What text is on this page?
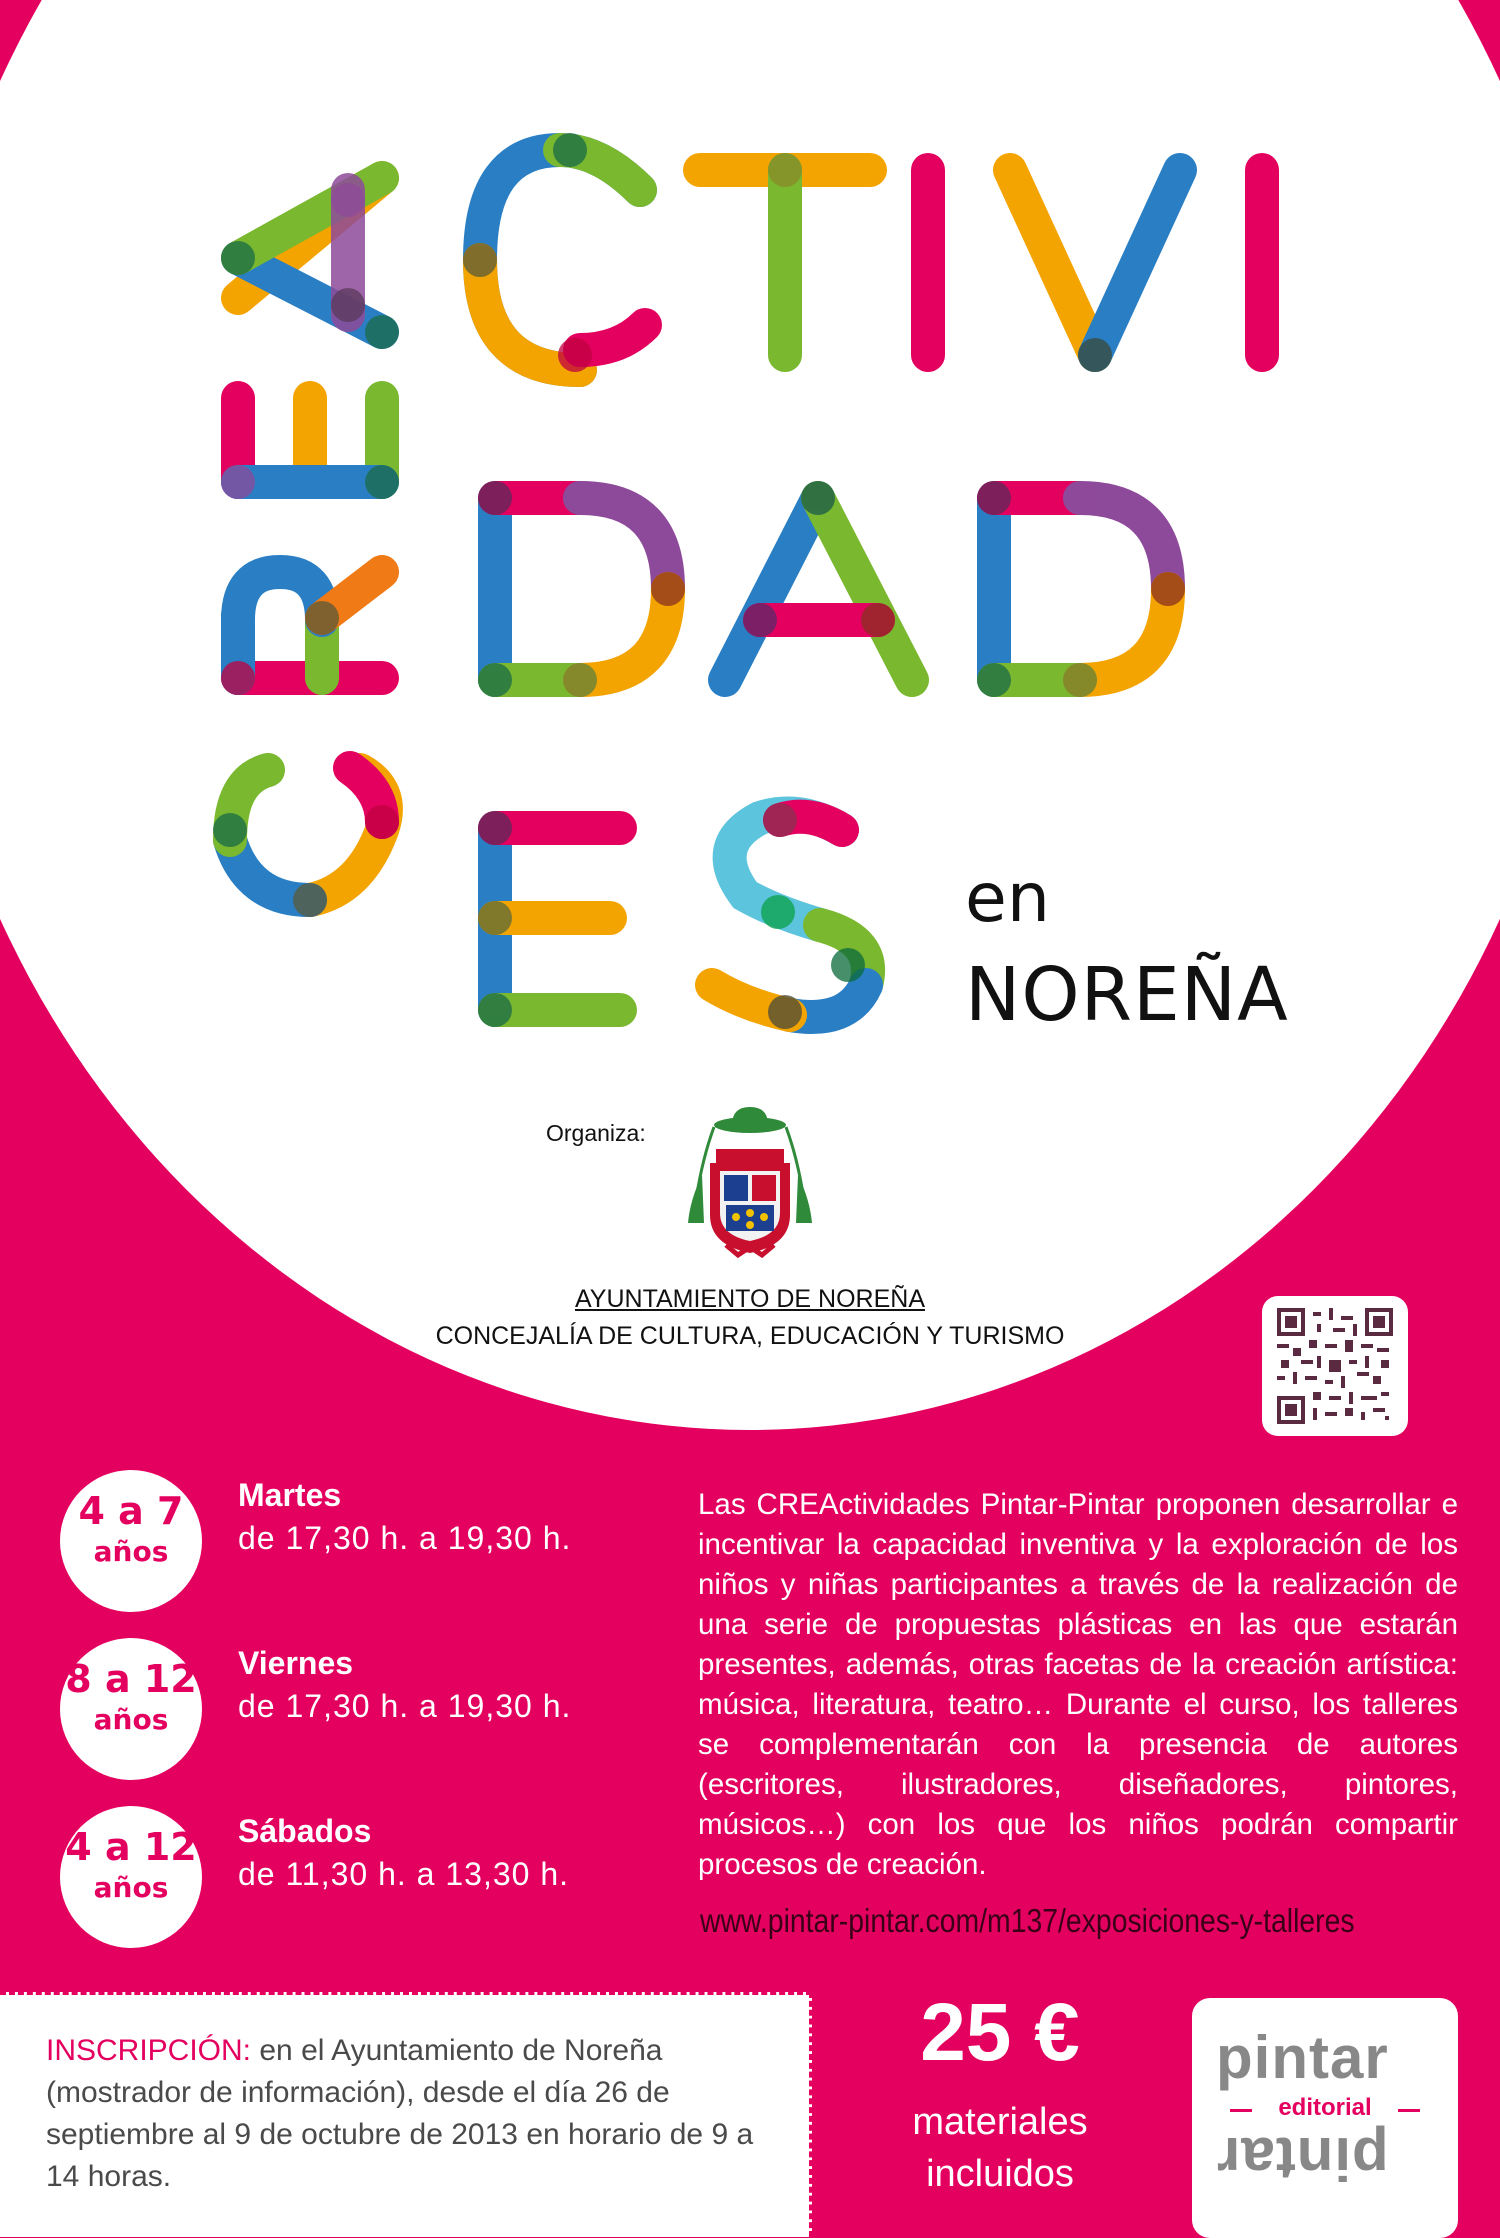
en
NOREÑA
Organiza:
AYUNTAMIENTO DE NOREÑA
CONCEJALÍA DE CULTURA, EDUCACIÓN Y TURISMO
4 a 7
años
Martes
de 17,30 h. a 19,30 h.
8 a 12
años
Viernes
de 17,30 h. a 19,30 h.
4 a 12
años
Sábados
de 11,30 h. a 13,30 h.
Las CREActividades Pintar-Pintar proponen desarrollar e incentivar la capacidad inventiva y la exploración de los niños y niñas participantes a través de la realización de una serie de propuestas plásticas en las que estarán presentes, además, otras facetas de la creación artística: música, literatura, teatro… Durante el curso, los talleres se complementarán con la presencia de autores (escritores, ilustradores, diseñadores, pintores, músicos…) con los que los niños podrán compartir procesos de creación.
www.pintar-pintar.com/m137/exposiciones-y-talleres
INSCRIPCIÓN: en el Ayuntamiento de Noreña (mostrador de información), desde el día 26 de septiembre al 9 de octubre de 2013 en horario de 9 a 14 horas.
25 €
materiales
incluidos
pintar
editorial
pintar
